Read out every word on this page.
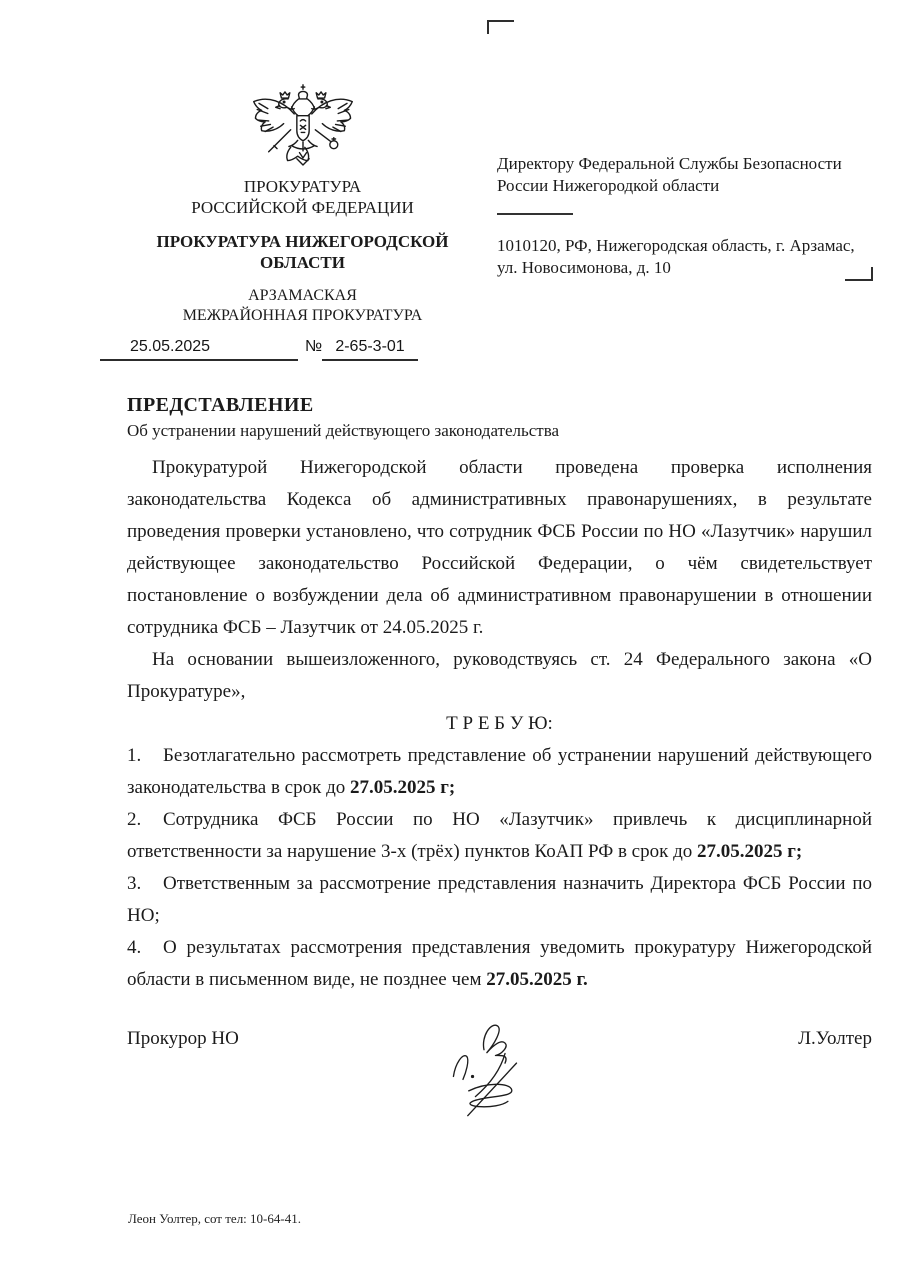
ПРОКУРАТУРА
РОССИЙСКОЙ ФЕДЕРАЦИИ
ПРОКУРАТУРА НИЖЕГОРОДСКОЙ
ОБЛАСТИ
АРЗАМАСКАЯ
МЕЖРАЙОННАЯ ПРОКУРАТУРА
Директору Федеральной Службы Безопасности
России Нижегородкой области
1010120, РФ, Нижегородская область, г. Арзамас,
ул. Новосимонова, д. 10
25.05.2025	№ 2-65-3-01
ПРЕДСТАВЛЕНИЕ
Об устранении нарушений действующего законодательства

Прокуратурой Нижегородской области проведена проверка исполнения законодательства Кодекса об административных правонарушениях, в результате проведения проверки установлено, что сотрудник ФСБ России по НО «Лазутчик» нарушил действующее законодательство Российской Федерации, о чём свидетельствует постановление о возбуждении дела об административном правонарушении в отношении сотрудника ФСБ – Лазутчик от 24.05.2025 г.

На основании вышеизложенного, руководствуясь ст. 24 Федерального закона «О Прокуратуре»,

Т Р Е Б У Ю:

1. Безотлагательно рассмотреть представление об устранении нарушений действующего законодательства в срок до 27.05.2025 г;

2. Сотрудника ФСБ России по НО «Лазутчик» привлечь к дисциплинарной ответственности за нарушение 3-х (трёх) пунктов КоАП РФ в срок до 27.05.2025 г;

3. Ответственным за рассмотрение представления назначить Директора ФСБ России по НО;

4. О результатах рассмотрения представления уведомить прокуратуру Нижегородской области в письменном виде, не позднее чем 27.05.2025 г.

Прокурор НО	Л.Уолтер
Леон Уолтер, сот тел: 10-64-41.
